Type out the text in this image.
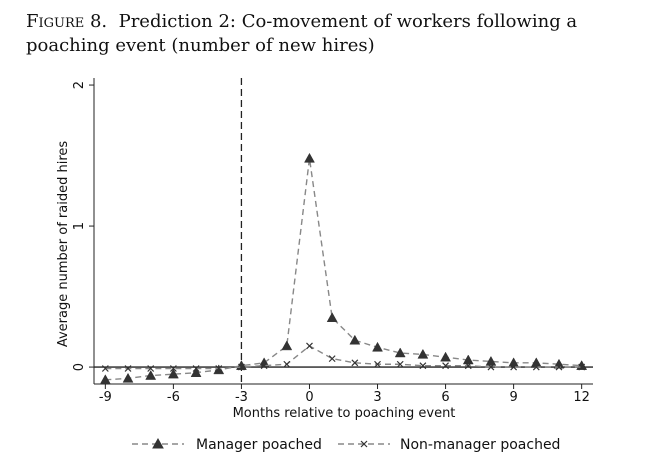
Figure 8. Prediction 2: Co-movement of workers following a poaching event (number of new hires)
0
1
2
-9	-6	-3	0	3	6	9	12
Average number of raided hires
Months relative to poaching event
Manager poached	Non-manager poached
